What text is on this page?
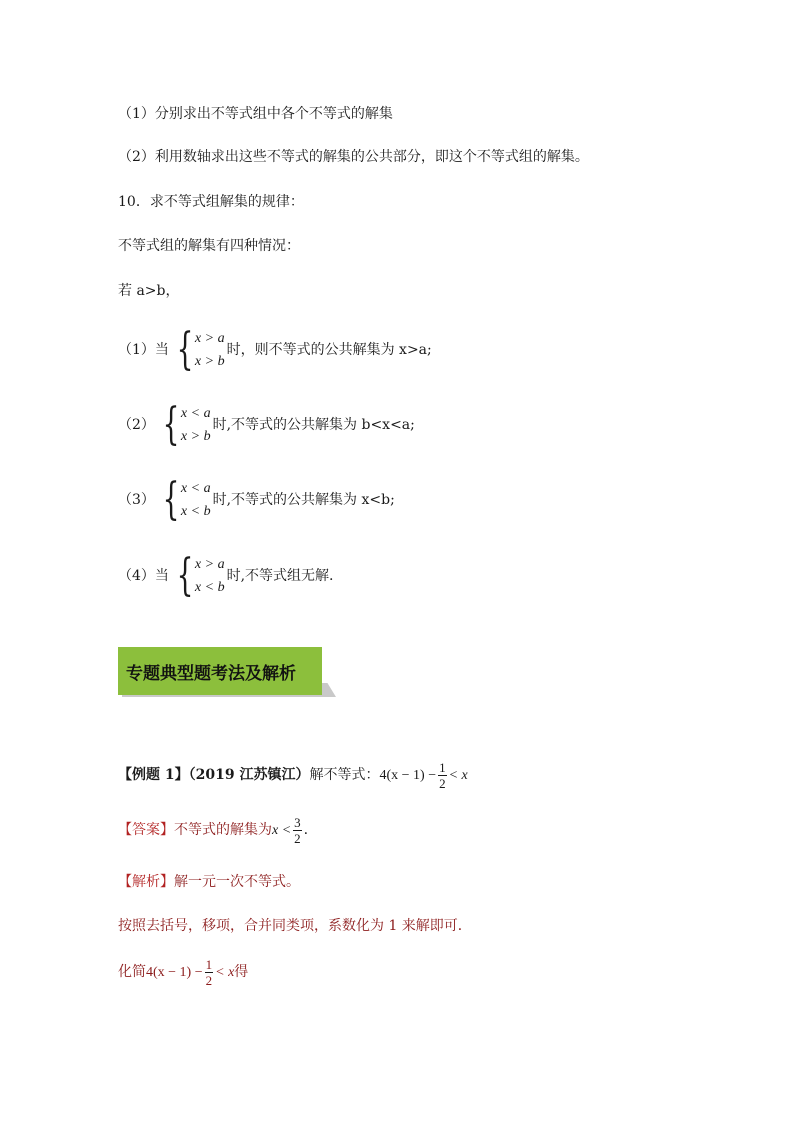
（1）分别求出不等式组中各个不等式的解集
（2）利用数轴求出这些不等式的解集的公共部分，即这个不等式组的解集。
10．求不等式组解集的规律：
不等式组的解集有四种情况：
若 a>b，
（1）当 { x > a
x > b
时，则不等式的公共解集为 x>a;
（2） { x < a
x > b
时,不等式的公共解集为 b<x<a;
（3） { x < a
x < b
时,不等式的公共解集为 x<b;
（4）当 { x > a
x < b
时,不等式组无解.
专题典型题考法及解析
【例题 1】（2019 江苏镇江）解不等式：$4(x - 1) - \frac{1}{2} < x$
【答案】不等式的解集为$x < \frac{3}{2}$ .
【解析】解一元一次不等式。
按照去括号，移项，合并同类项，系数化为 1 来解即可．
化简$4(x - 1) - \frac{1}{2} < x$得
